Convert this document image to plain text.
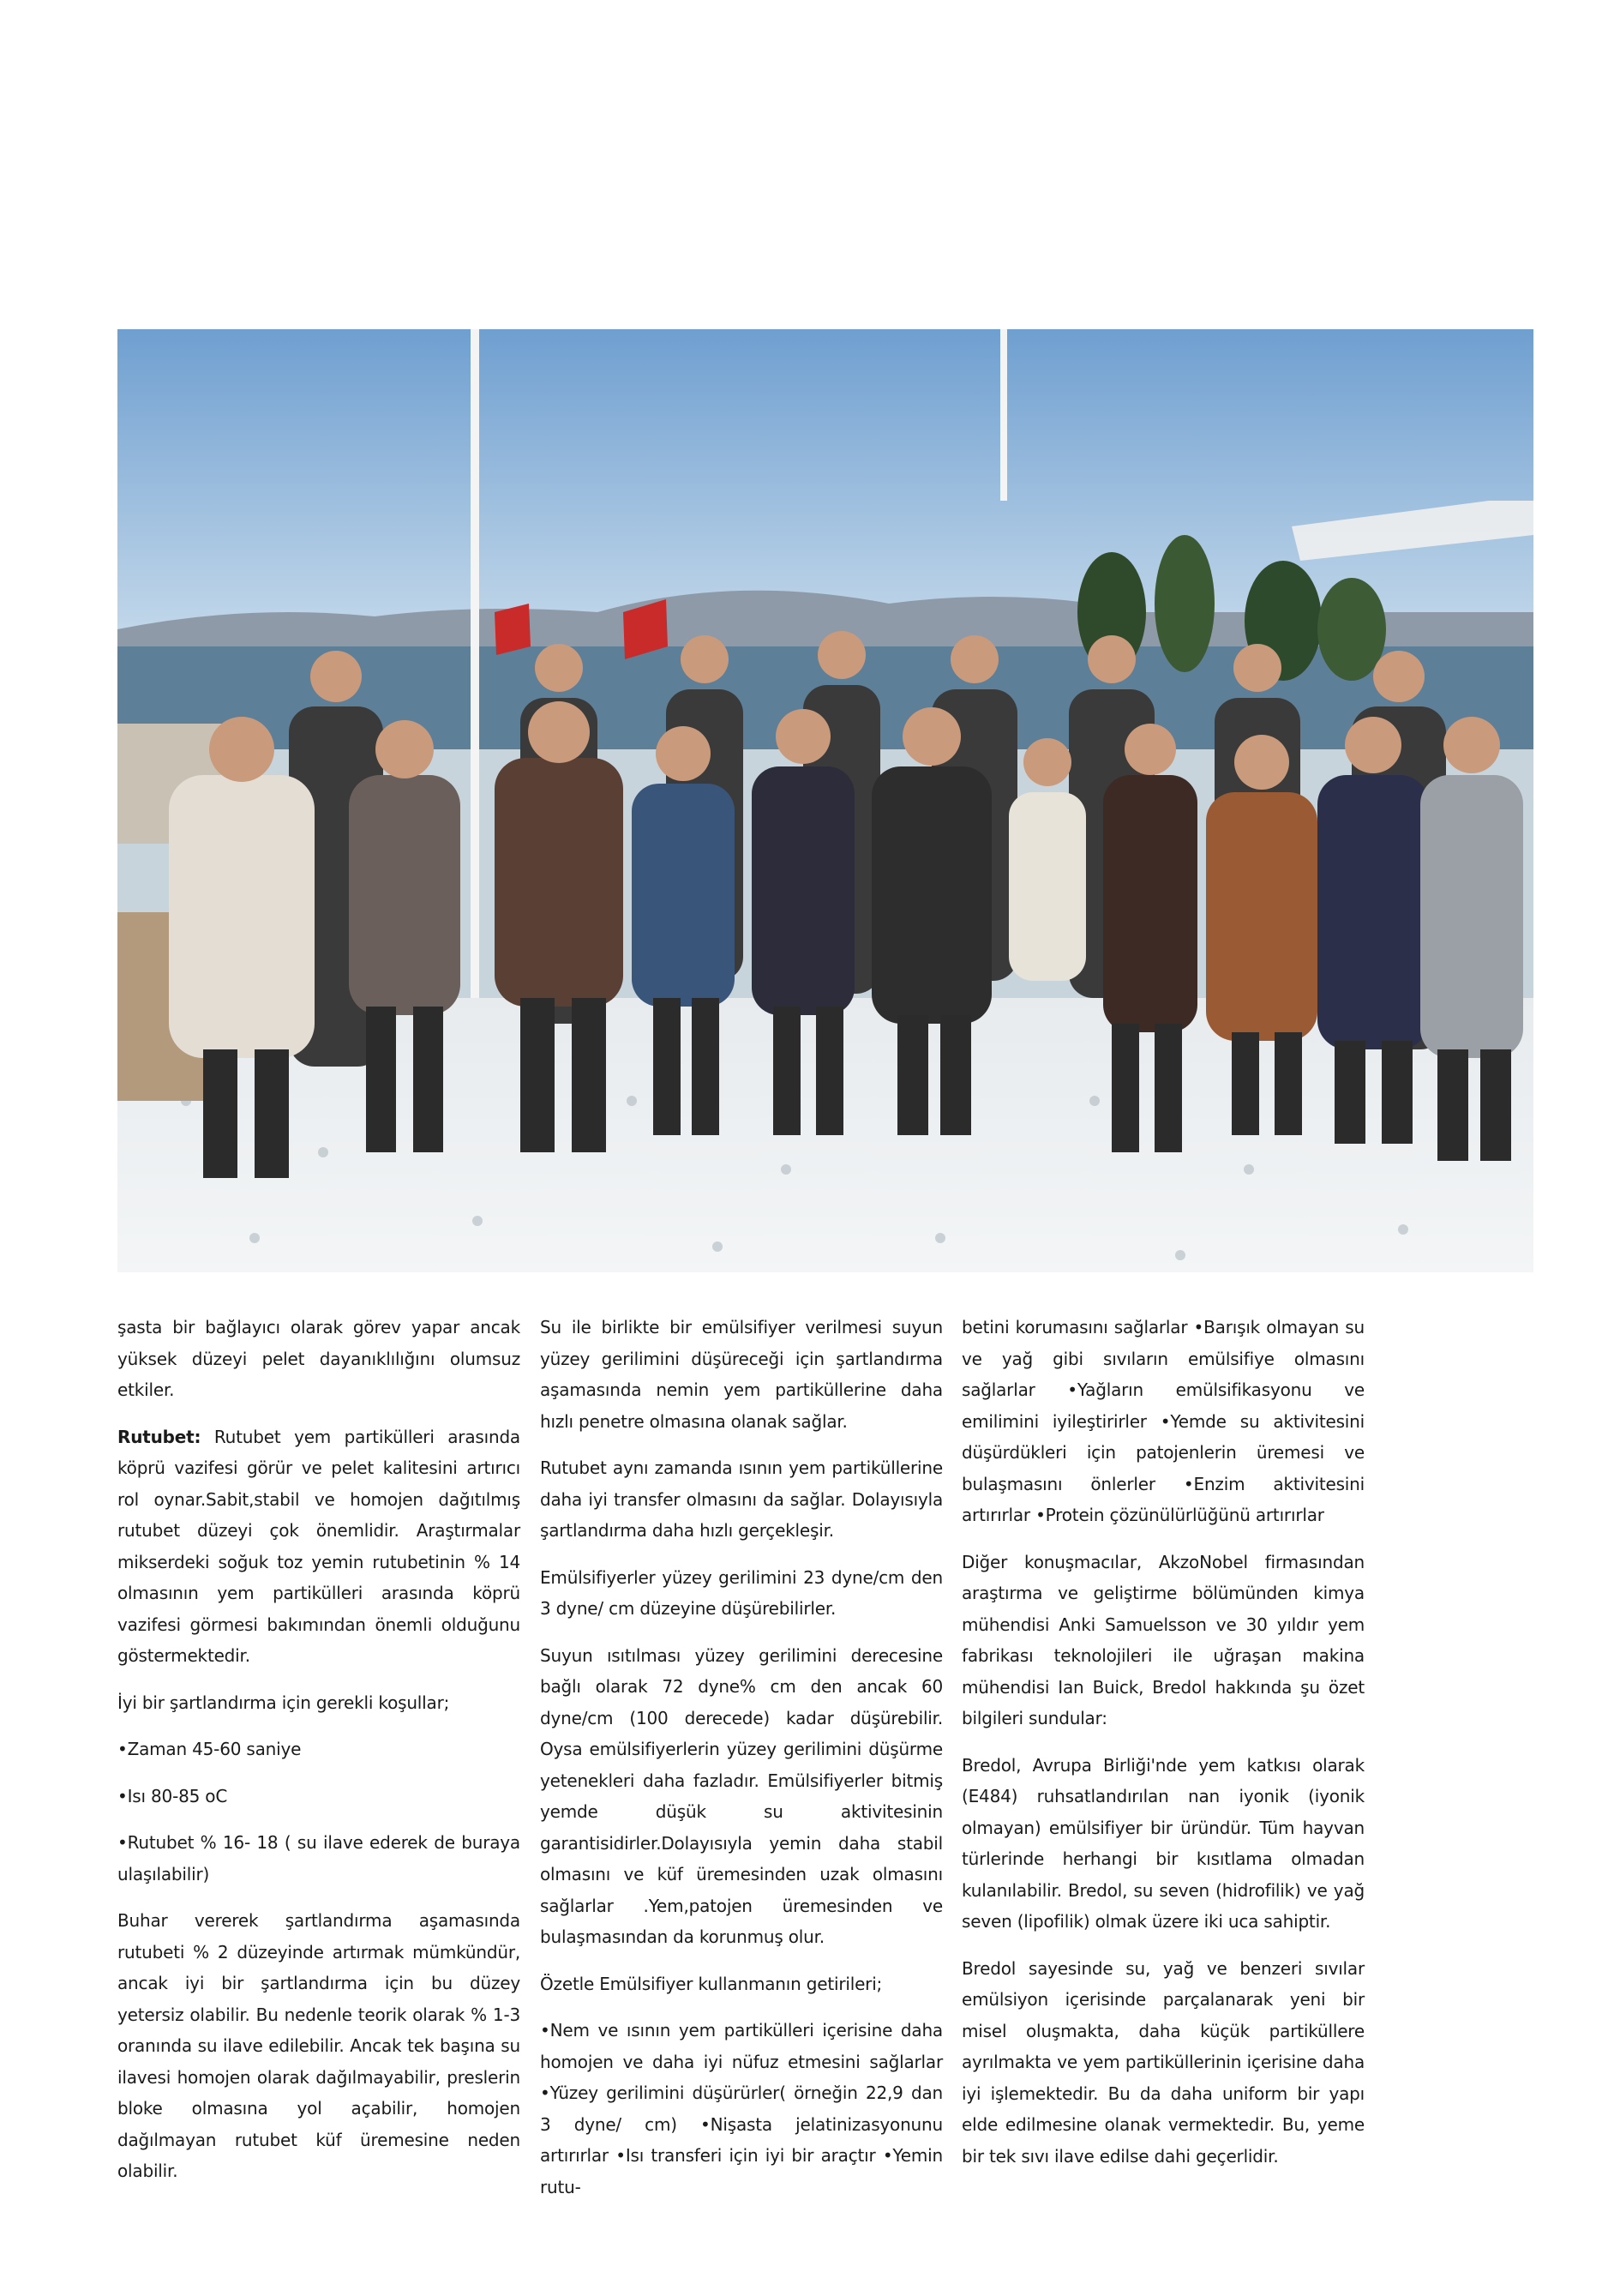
şasta bir bağlayıcı olarak görev yapar ancak yüksek düzeyi pelet dayanıklılığını olumsuz etkiler.

Rutubet: Rutubet yem partikülleri arasında köprü vazifesi görür ve pelet kalitesini artırıcı rol oynar.Sabit,stabil ve homojen dağıtılmış rutubet düzeyi çok önemlidir. Araştırmalar mikserdeki soğuk toz yemin rutubetinin % 14 olmasının yem partikülleri arasında köprü vazifesi görmesi bakımından önemli olduğunu göstermektedir.

İyi bir şartlandırma için gerekli koşullar;

•Zaman 45-60 saniye

•Isı 80-85 oC

•Rutubet % 16- 18 ( su ilave ederek de buraya ulaşılabilir)

Buhar vererek şartlandırma aşamasında rutubeti % 2 düzeyinde artırmak mümkündür, ancak iyi bir şartlandırma için bu düzey yetersiz olabilir. Bu nedenle teorik olarak % 1-3 oranında su ilave edilebilir. Ancak tek başına su ilavesi homojen olarak dağılmayabilir, preslerin bloke olmasına yol açabilir, homojen dağılmayan rutubet küf üremesine neden olabilir.

Su ile birlikte bir emülsifiyer verilmesi suyun yüzey gerilimini düşüreceği için şartlandırma aşamasında nemin yem partiküllerine daha hızlı penetre olmasına olanak sağlar.

Rutubet aynı zamanda ısının yem partiküllerine daha iyi transfer olmasını da sağlar. Dolayısıyla şartlandırma daha hızlı gerçekleşir.

Emülsifiyerler yüzey gerilimini 23 dyne/cm den 3 dyne/ cm düzeyine düşürebilirler.

Suyun ısıtılması yüzey gerilimini derecesine bağlı olarak 72 dyne% cm den ancak 60 dyne/cm (100 derecede) kadar düşürebilir. Oysa emülsifiyerlerin yüzey gerilimini düşürme yetenekleri daha fazladır. Emülsifiyerler bitmiş yemde düşük su aktivitesinin garantisidirler.Dolayısıyla yemin daha stabil olmasını ve küf üremesinden uzak olmasını sağlarlar .Yem,patojen üremesinden ve bulaşmasından da korunmuş olur.

Özetle Emülsifiyer kullanmanın getirileri;

•Nem ve ısının yem partikülleri içerisine daha homojen ve daha iyi nüfuz etmesini sağlarlar •Yüzey gerilimini düşürürler( örneğin 22,9 dan 3 dyne/ cm) •Nişasta jelatinizasyonunu artırırlar •Isı transferi için iyi bir araçtır •Yemin rutu-

betini korumasını sağlarlar •Barışık olmayan su ve yağ gibi sıvıların emülsifiye olmasını sağlarlar •Yağların emülsifikasyonu ve emilimini iyileştirirler •Yemde su aktivitesini düşürdükleri için patojenlerin üremesi ve bulaşmasını önlerler •Enzim aktivitesini artırırlar •Protein çözünülürlüğünü artırırlar

Diğer konuşmacılar, AkzoNobel firmasından araştırma ve geliştirme bölümünden kimya mühendisi Anki Samuelsson ve 30 yıldır yem fabrikası teknolojileri ile uğraşan makina mühendisi Ian Buick, Bredol hakkında şu özet bilgileri sundular:

Bredol, Avrupa Birliği'nde yem katkısı olarak (E484) ruhsatlandırılan nan iyonik (iyonik olmayan) emülsifiyer bir üründür. Tüm hayvan türlerinde herhangi bir kısıtlama olmadan kulanılabilir. Bredol, su seven (hidrofilik) ve yağ seven (lipofilik) olmak üzere iki uca sahiptir.

Bredol sayesinde su, yağ ve benzeri sıvılar emülsiyon içerisinde parçalanarak yeni bir misel oluşmakta, daha küçük partiküllere ayrılmakta ve yem partiküllerinin içerisine daha iyi işlemektedir. Bu da daha uniform bir yapı elde edilmesine olanak vermektedir. Bu, yeme bir tek sıvı ilave edilse dahi geçerlidir.
